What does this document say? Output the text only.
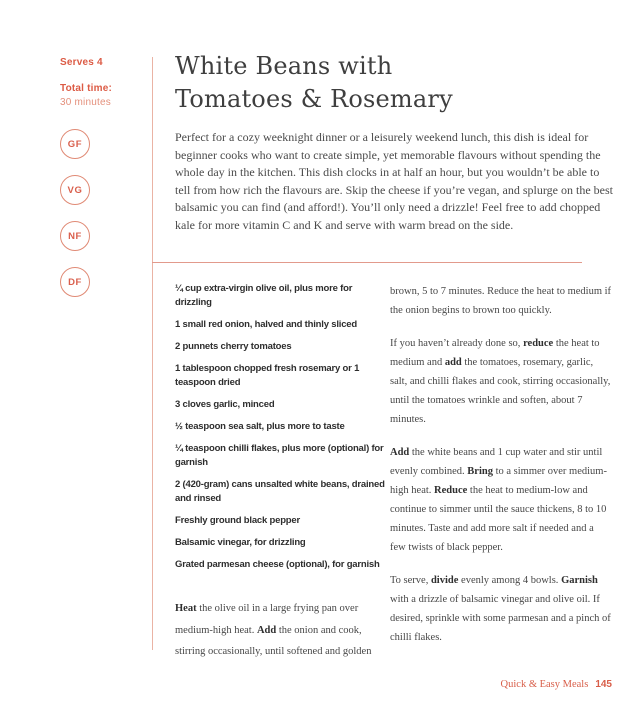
Serves 4
Total time:
30 minutes
GF
VG
NF
DF
White Beans with
Tomatoes & Rosemary

Perfect for a cozy weeknight dinner or a leisurely weekend lunch, this dish is ideal for beginner cooks who want to create simple, yet memorable flavours without spending the whole day in the kitchen. This dish clocks in at half an hour, but you wouldn’t be able to tell from how rich the flavours are. Skip the cheese if you’re vegan, and splurge on the best balsamic you can find (and afford!). You’ll only need a drizzle! Feel free to add chopped kale for more vitamin C and K and serve with warm bread on the side.

¼ cup extra-virgin olive oil, plus more for drizzling

1 small red onion, halved and thinly sliced

2 punnets cherry tomatoes

1 tablespoon chopped fresh rosemary or 1 teaspoon dried

3 cloves garlic, minced

½ teaspoon sea salt, plus more to taste

¼ teaspoon chilli flakes, plus more (optional) for garnish

2 (420-gram) cans unsalted white beans, drained and rinsed

Freshly ground black pepper

Balsamic vinegar, for drizzling

Grated parmesan cheese (optional), for garnish

Heat the olive oil in a large frying pan over medium-high heat. Add the onion and cook, stirring occasionally, until softened and golden

brown, 5 to 7 minutes. Reduce the heat to medium if the onion begins to brown too quickly.

If you haven’t already done so, reduce the heat to medium and add the tomatoes, rosemary, garlic, salt, and chilli flakes and cook, stirring occasionally, until the tomatoes wrinkle and soften, about 7 minutes.

Add the white beans and 1 cup water and stir until evenly combined. Bring to a simmer over medium-high heat. Reduce the heat to medium-low and continue to simmer until the sauce thickens, 8 to 10 minutes. Taste and add more salt if needed and a few twists of black pepper.

To serve, divide evenly among 4 bowls. Garnish with a drizzle of balsamic vinegar and olive oil. If desired, sprinkle with some parmesan and a pinch of chilli flakes.

Quick & Easy Meals 145
